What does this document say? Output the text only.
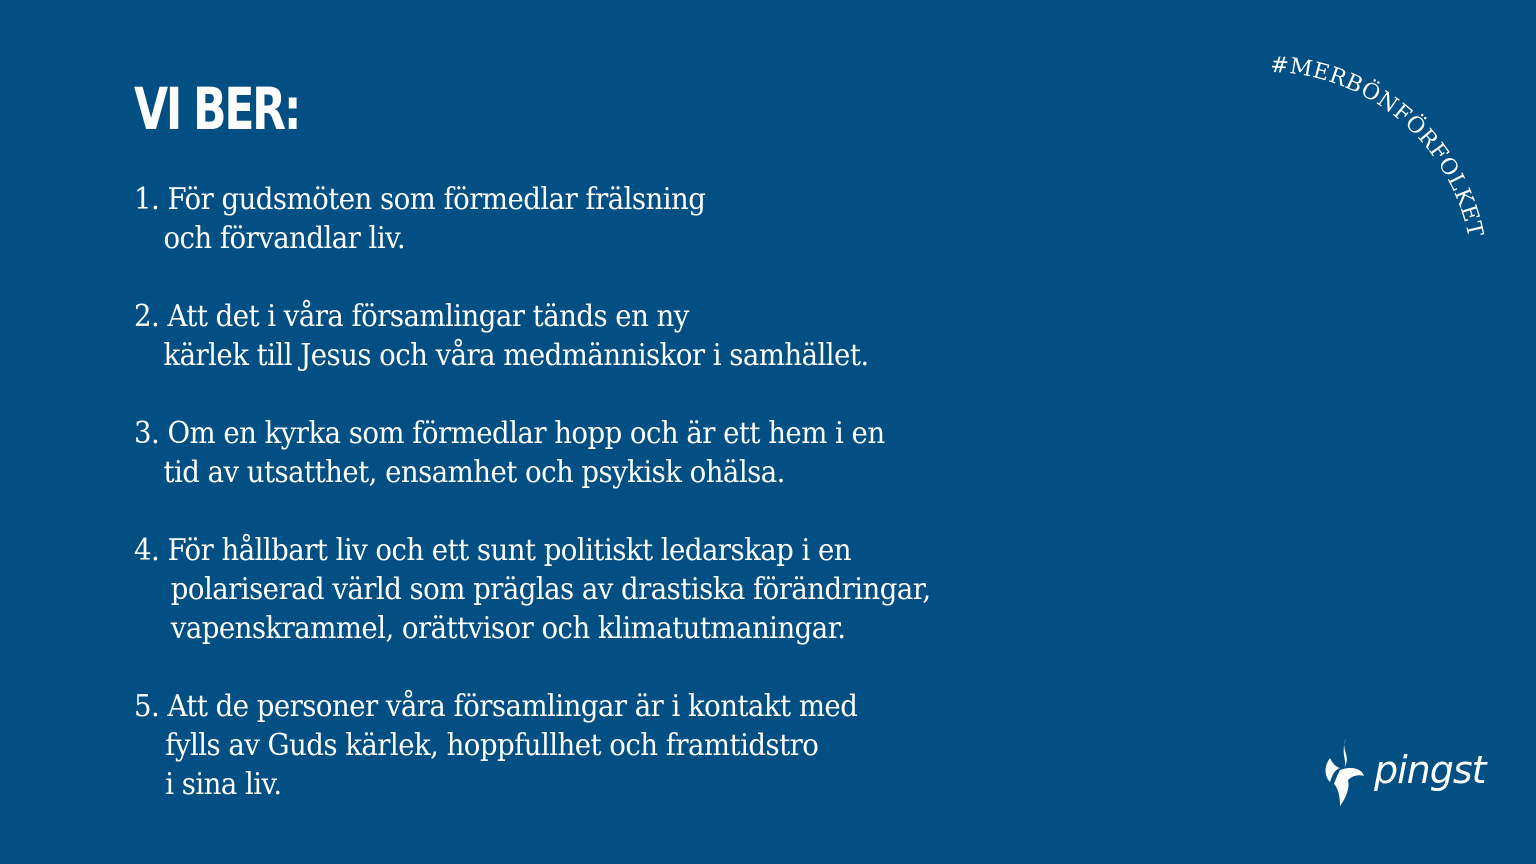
VI BER:
1. För gudsmöten som förmedlar frälsning
och förvandlar liv.
2. Att det i våra församlingar tänds en ny
kärlek till Jesus och våra medmänniskor i samhället.
3. Om en kyrka som förmedlar hopp och är ett hem i en
tid av utsatthet, ensamhet och psykisk ohälsa.
4. För hållbart liv och ett sunt politiskt ledarskap i en
polariserad värld som präglas av drastiska förändringar,
vapenskrammel, orättvisor och klimatutmaningar.
5. Att de personer våra församlingar är i kontakt med
fylls av Guds kärlek, hoppfullhet och framtidstro
i sina liv.
#MERBÖNFÖRFOLKET
pingst
